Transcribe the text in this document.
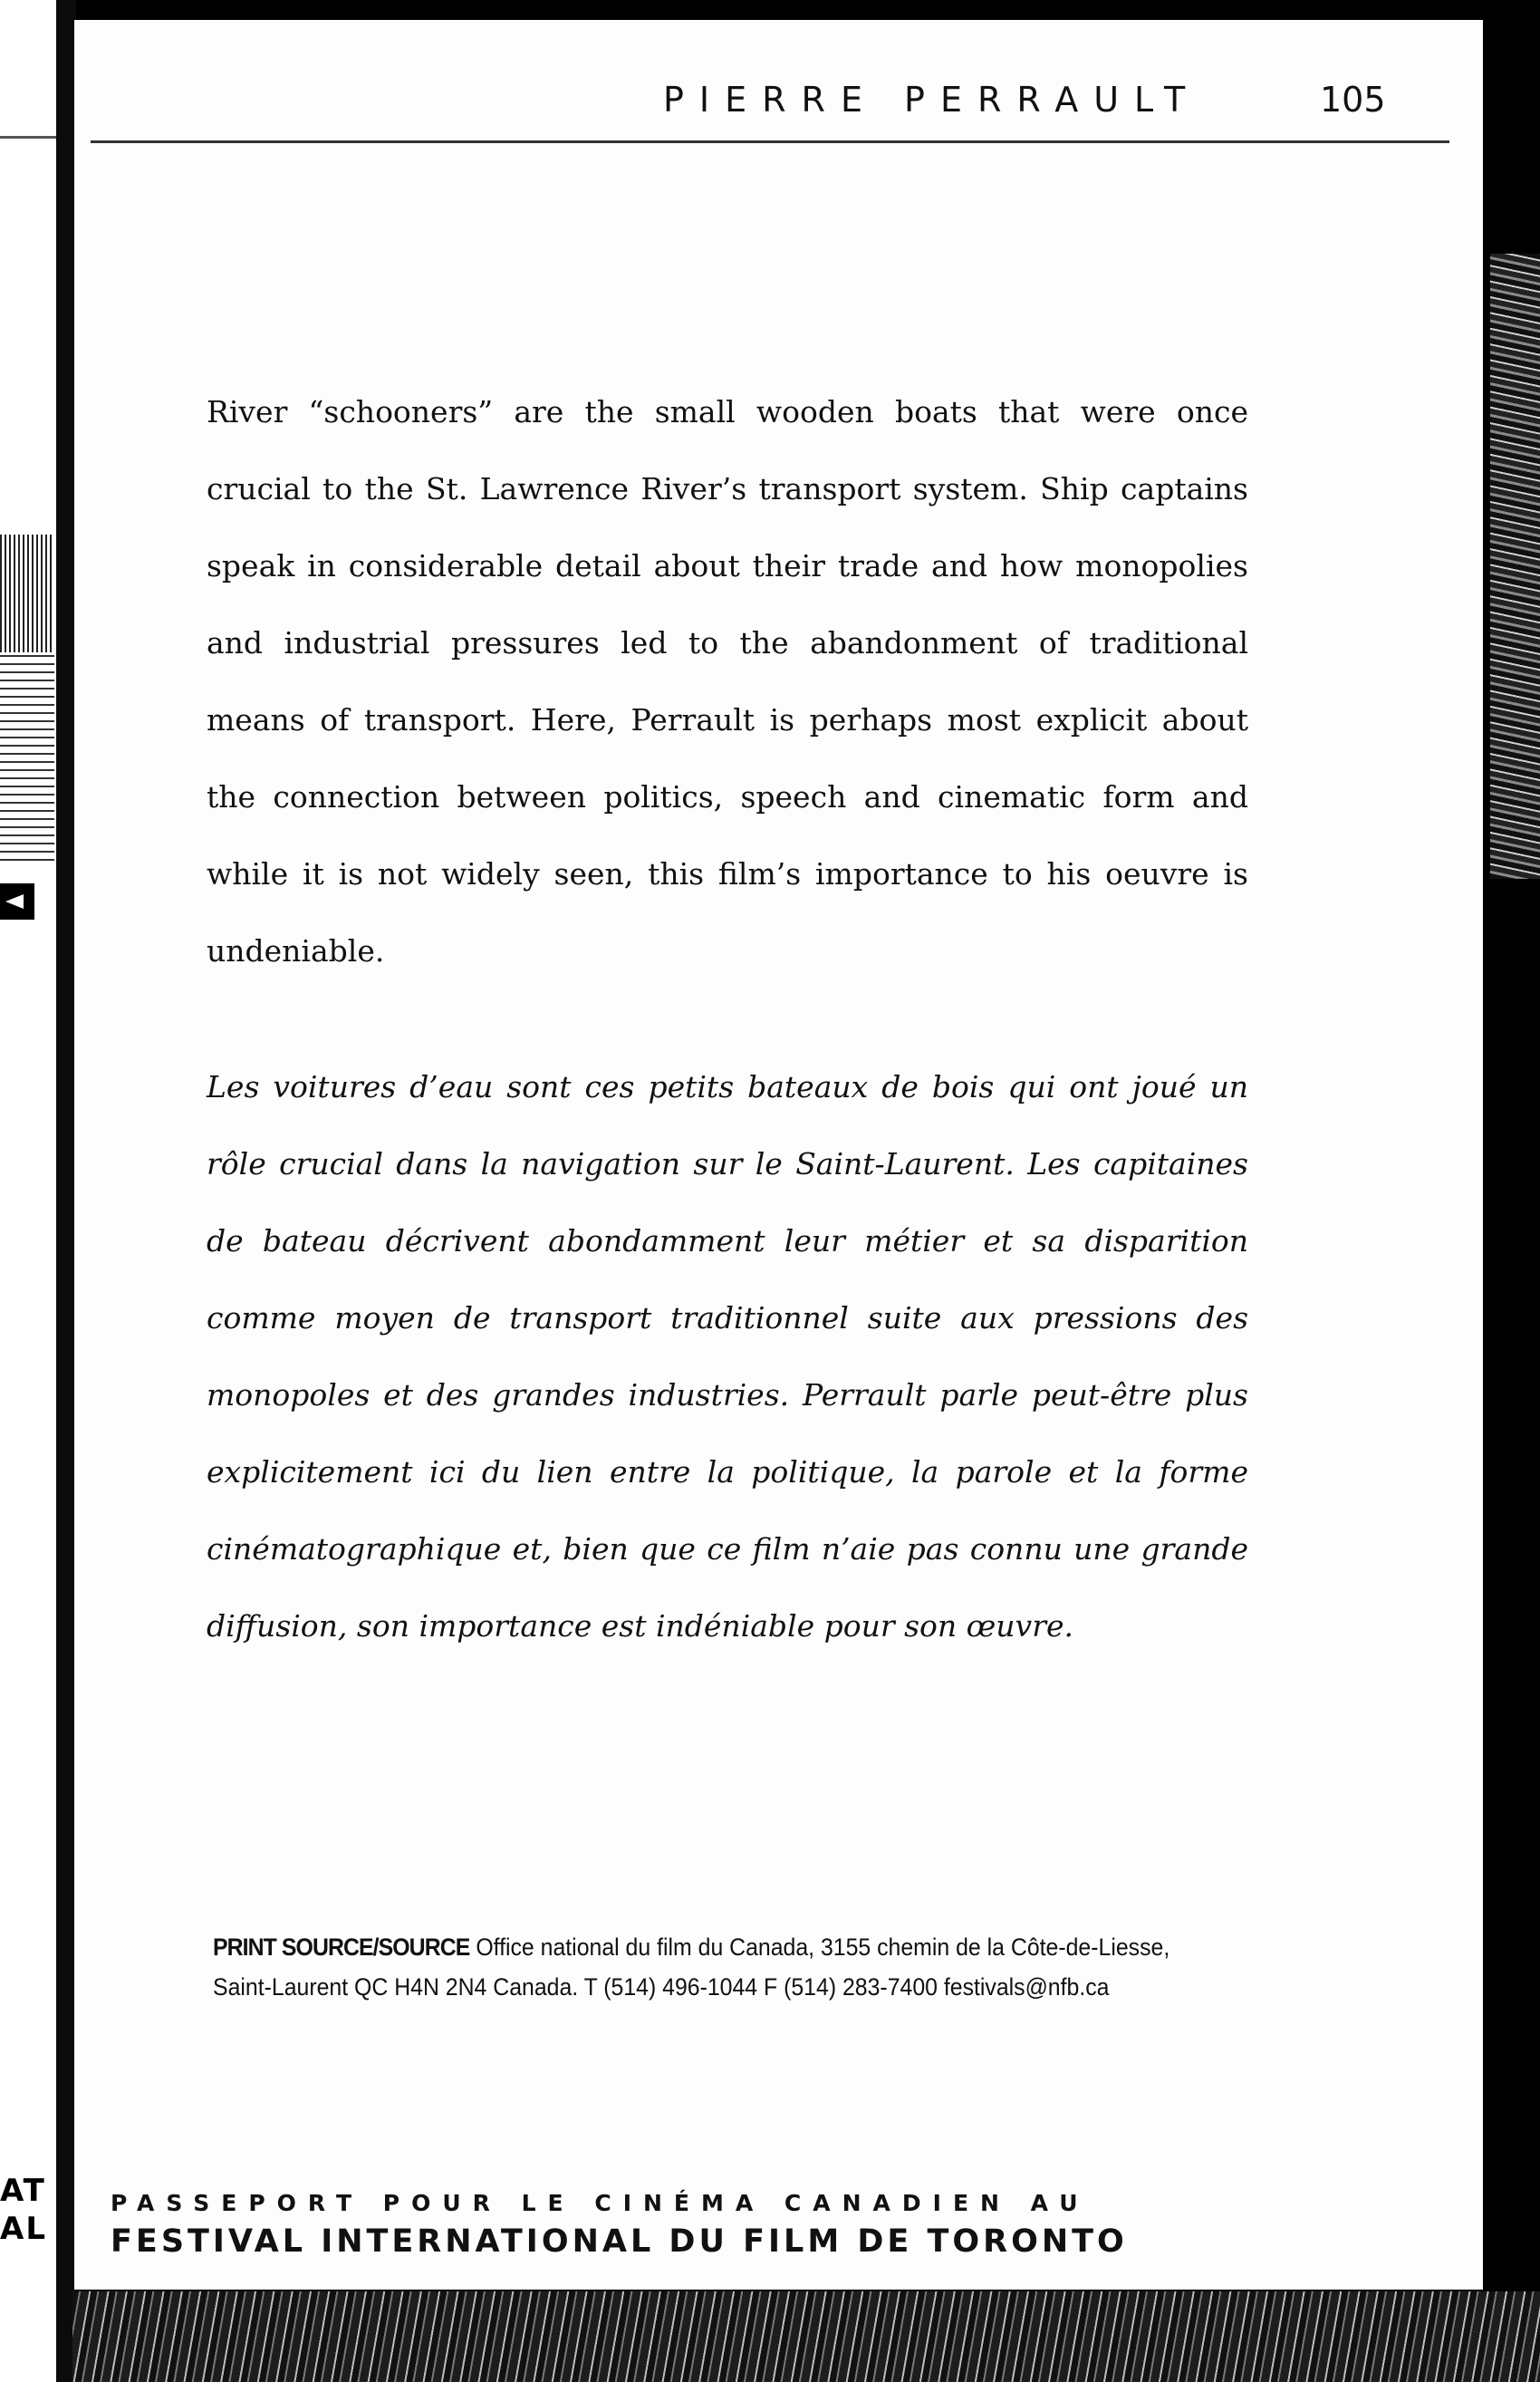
AT
AL
PIERRE PERRAULT	105

River “schooners” are the small wooden boats that were once crucial to the St. Lawrence River’s transport system. Ship captains speak in considerable detail about their trade and how monopolies and industrial pressures led to the abandonment of traditional means of transport. Here, Perrault is perhaps most explicit about the connection between politics, speech and cinematic form and while it is not widely seen, this film’s importance to his oeuvre is undeniable.

Les voitures d’eau sont ces petits bateaux de bois qui ont joué un rôle crucial dans la navigation sur le Saint-Laurent. Les capitaines de bateau décrivent abondamment leur métier et sa disparition comme moyen de transport traditionnel suite aux pressions des monopoles et des grandes industries. Perrault parle peut-être plus explicitement ici du lien entre la politique, la parole et la forme cinématographique et, bien que ce film n’aie pas connu une grande diffusion, son importance est indéniable pour son œuvre.

PRINT SOURCE/SOURCE Office national du film du Canada, 3155 chemin de la Côte-de-Liesse, Saint-Laurent QC H4N 2N4 Canada. T (514) 496-1044 F (514) 283-7400 festivals@nfb.ca

PASSEPORT POUR LE CINÉMA CANADIEN AU
FESTIVAL INTERNATIONAL DU FILM DE TORONTO
